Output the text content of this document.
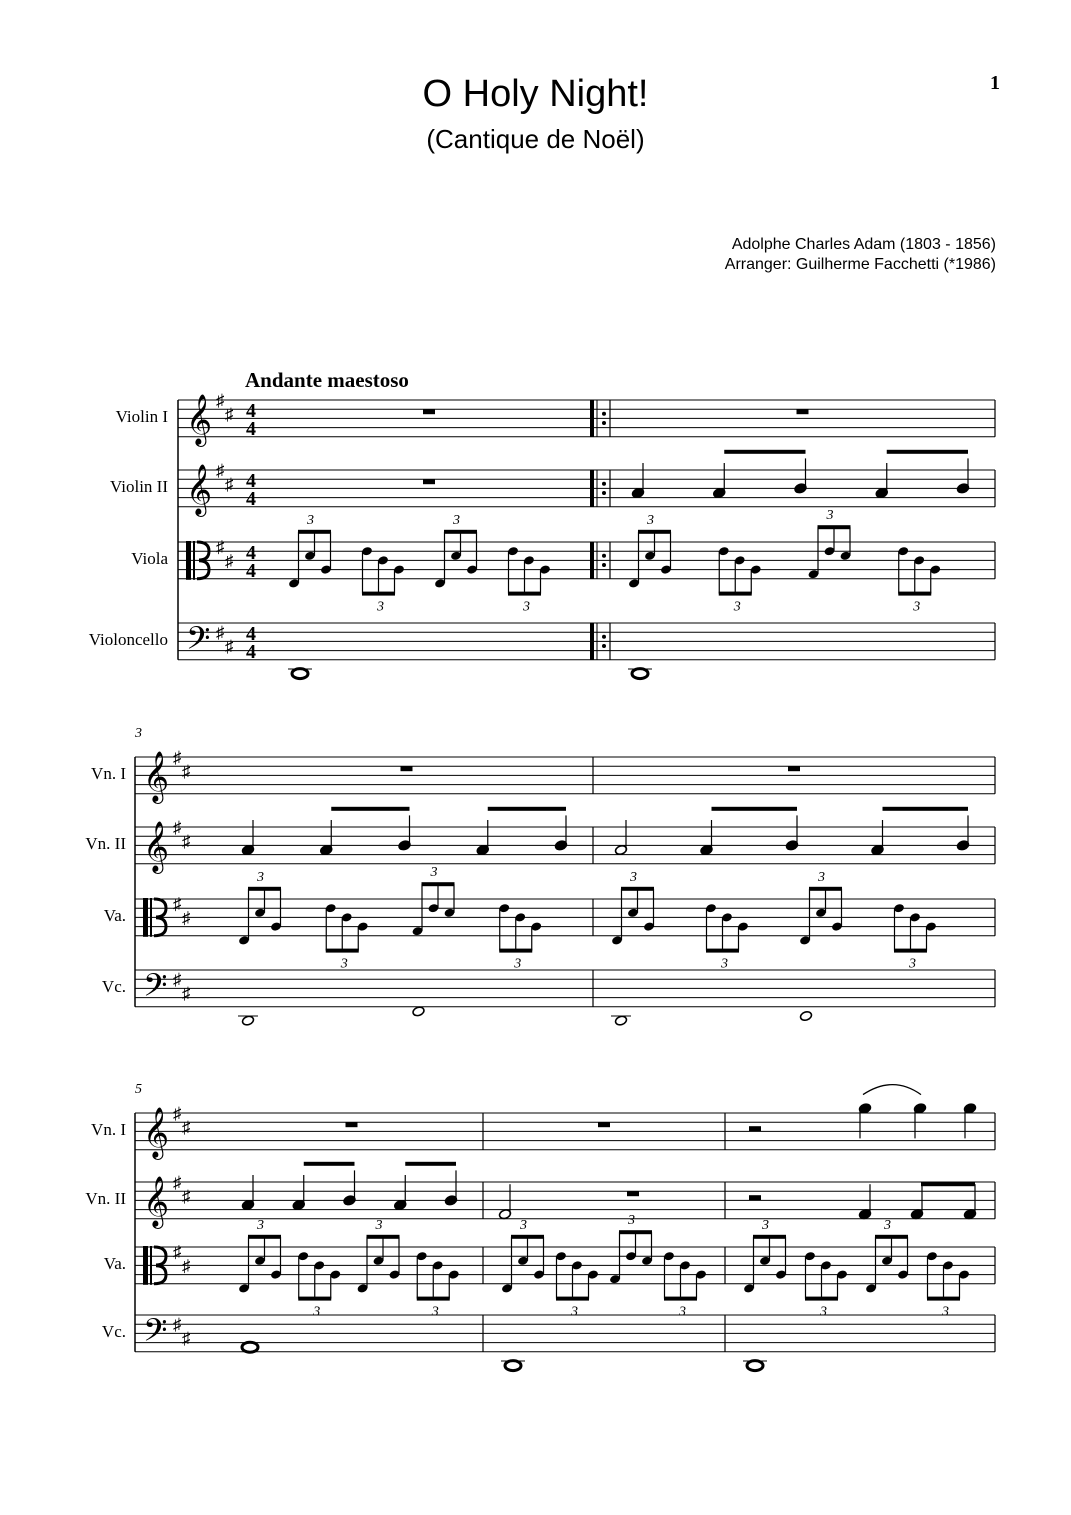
1
O Holy Night!
(Cantique de Noël)
Adolphe Charles Adam (1803 - 1856)
Arranger: Guilherme Facchetti (*1986)
Andante maestoso
Violin I 𝄞 ♯
♯ 4
4
Violin II 𝄞 ♯
♯ 4
4
Viola
♯
♯ 4
4
Violoncello 𝄢 ♯
♯
4
4
3
3
3
3
3
3
3
3
Vn. I 𝄞 ♯
♯
Vn. II 𝄞 ♯
♯
Va.
♯
♯
Vc. 𝄢 ♯
♯
3
3
3
3
3
3
3
3
3
Vn. I 𝄞 ♯
♯
Vn. II 𝄞 ♯
♯
Va.
♯
♯
Vc. 𝄢 ♯
♯
5
3
3
3
3
3
3
3
3
3
3
3
3
